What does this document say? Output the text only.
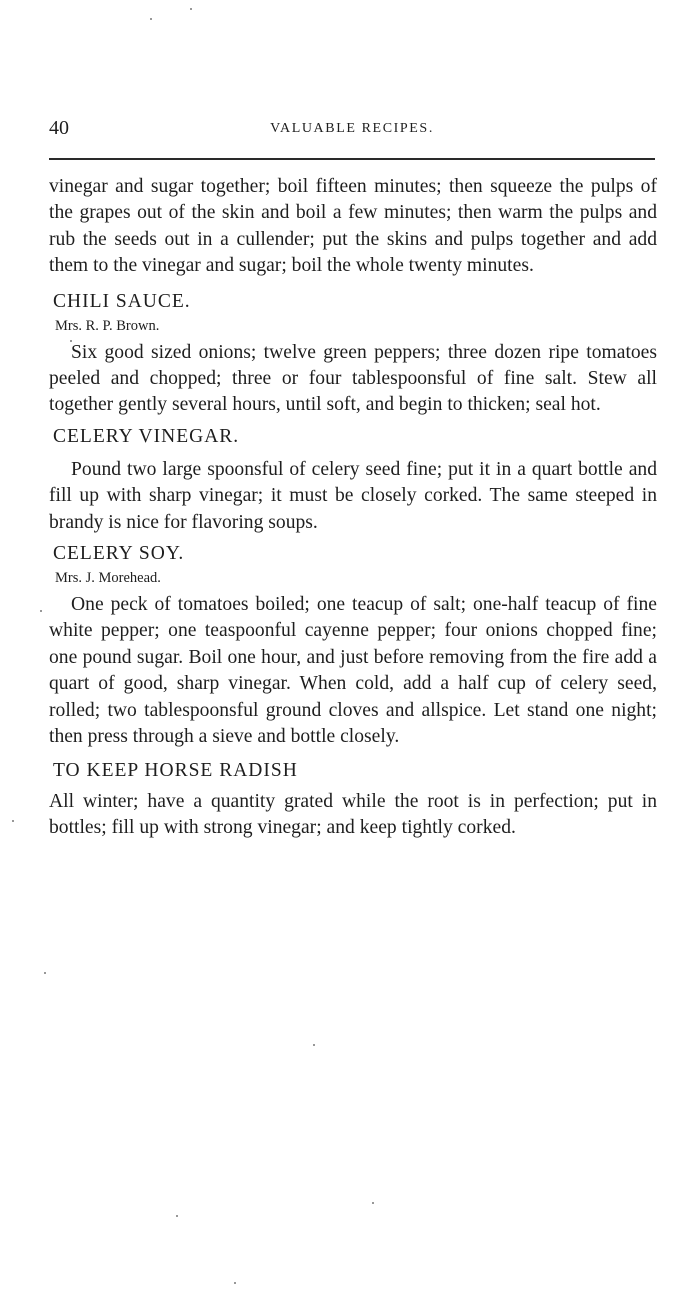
40	VALUABLE RECIPES.

vinegar and sugar together; boil fifteen minutes; then squeeze the pulps of the grapes out of the skin and boil a few minutes; then warm the pulps and rub the seeds out in a cullender; put the skins and pulps together and add them to the vinegar and sugar; boil the whole twenty minutes.

CHILI SAUCE.
Mrs. R. P. Brown.

Six good sized onions; twelve green peppers; three dozen ripe tomatoes peeled and chopped; three or four tablespoonsful of fine salt. Stew all together gently several hours, until soft, and begin to thicken; seal hot.

CELERY VINEGAR.

Pound two large spoonsful of celery seed fine; put it in a quart bottle and fill up with sharp vinegar; it must be closely corked. The same steeped in brandy is nice for flavoring soups.

CELERY SOY.
Mrs. J. Morehead.

One peck of tomatoes boiled; one teacup of salt; one-half teacup of fine white pepper; one teaspoonful cayenne pepper; four onions chopped fine; one pound sugar. Boil one hour, and just before removing from the fire add a quart of good, sharp vinegar. When cold, add a half cup of celery seed, rolled; two tablespoonsful ground cloves and allspice. Let stand one night; then press through a sieve and bottle closely.

TO KEEP HORSE RADISH

All winter; have a quantity grated while the root is in perfection; put in bottles; fill up with strong vinegar; and keep tightly corked.
